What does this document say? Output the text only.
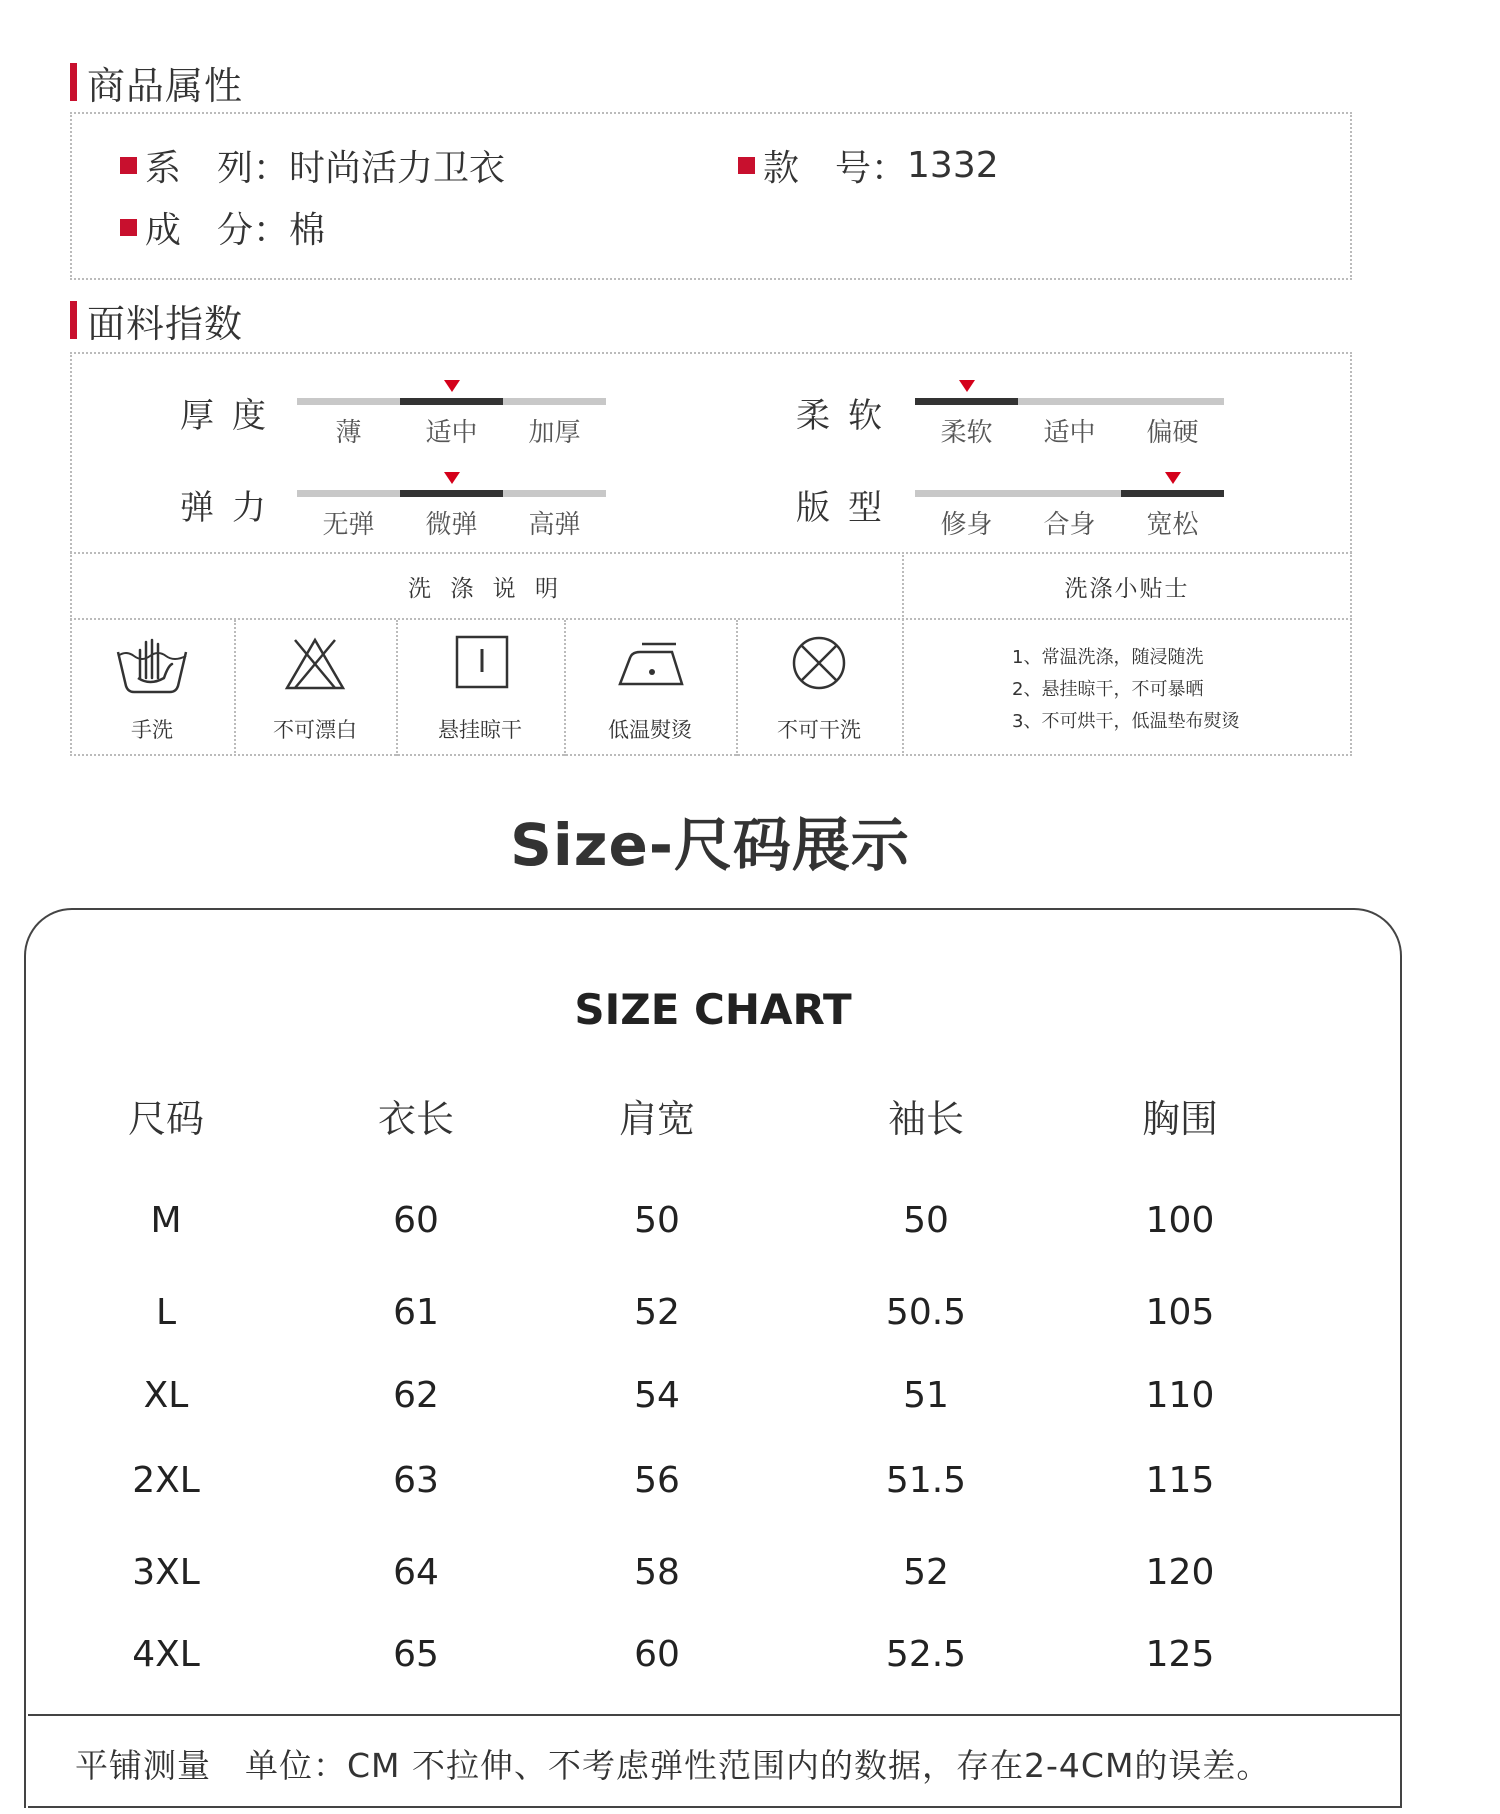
商品属性
系　列 ： 时尚活力卫衣	款　号 ： 1332
成　分 ： 棉
面料指数
洗 涤 说 明	洗涤小贴士
手洗	不可漂白	悬挂晾干	低温熨烫	不可干洗
1、常温洗涤，随浸随洗
2、悬挂晾干，不可暴晒
3、不可烘干，低温垫布熨烫
Size-尺码展示
SIZE CHART
尺码	衣长	肩宽	袖长	胸围
M	60	50	50	100
L	61	52	50.5	105
XL	62	54	51	110
2XL	63	56	51.5	115
3XL	64	58	52	120
4XL	65	60	52.5	125
平铺测量　单位：CM 不拉伸、不考虑弹性范围内的数据，存在2-4CM的误差。
厚度	薄	适中	加厚	柔软	柔软	适中	偏硬
弹力	无弹	微弹	高弹	版型	修身	合身	宽松
